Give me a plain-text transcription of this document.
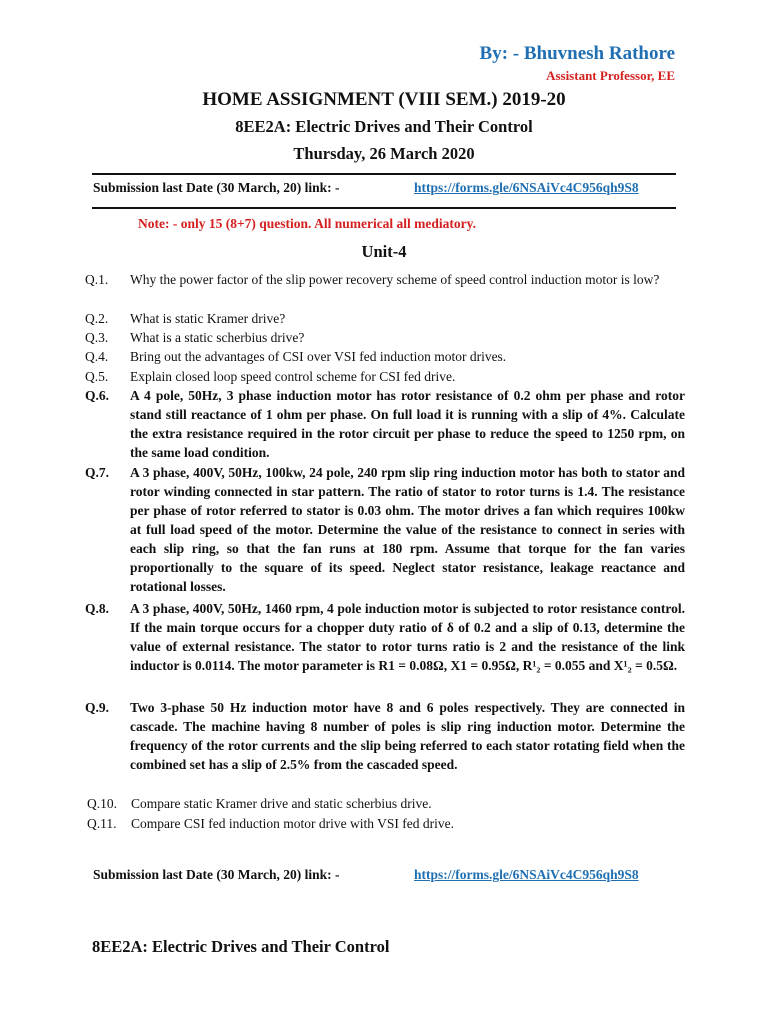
By: - Bhuvnesh Rathore
Assistant Professor, EE
HOME ASSIGNMENT (VIII SEM.) 2019-20
8EE2A: Electric Drives and Their Control
Thursday, 26 March 2020
Submission last Date (30 March, 20) link: -	https://forms.gle/6NSAiVc4C956qh9S8
Note: - only 15 (8+7) question. All numerical all mediatory.
Unit-4
Q.1.	Why the power factor of the slip power recovery scheme of speed control induction motor is low?
Q.2.	What is static Kramer drive?
Q.3.	What is a static scherbius drive?
Q.4.	Bring out the advantages of CSI over VSI fed induction motor drives.
Q.5.	Explain closed loop speed control scheme for CSI fed drive.
Q.6.	A 4 pole, 50Hz, 3 phase induction motor has rotor resistance of 0.2 ohm per phase and rotor stand still reactance of 1 ohm per phase. On full load it is running with a slip of 4%. Calculate the extra resistance required in the rotor circuit per phase to reduce the speed to 1250 rpm, on the same load condition.
Q.7.	A 3 phase, 400V, 50Hz, 100kw, 24 pole, 240 rpm slip ring induction motor has both to stator and rotor winding connected in star pattern. The ratio of stator to rotor turns is 1.4. The resistance per phase of rotor referred to stator is 0.03 ohm. The motor drives a fan which requires 100kw at full load speed of the motor. Determine the value of the resistance to connect in series with each slip ring, so that the fan runs at 180 rpm. Assume that torque for the fan varies proportionally to the square of its speed. Neglect stator resistance, leakage reactance and rotational losses.
Q.8.	A 3 phase, 400V, 50Hz, 1460 rpm, 4 pole induction motor is subjected to rotor resistance control. If the main torque occurs for a chopper duty ratio of δ of 0.2 and a slip of 0.13, determine the value of external resistance. The stator to rotor turns ratio is 2 and the resistance of the link inductor is 0.0114. The motor parameter is R1 = 0.08Ω, X1 = 0.95Ω, R¹₂ = 0.055 and X¹₂ = 0.5Ω.
Q.9.	Two 3-phase 50 Hz induction motor have 8 and 6 poles respectively. They are connected in cascade. The machine having 8 number of poles is slip ring induction motor. Determine the frequency of the rotor currents and the slip being referred to each stator rotating field when the combined set has a slip of 2.5% from the cascaded speed.
Q.10.	Compare static Kramer drive and static scherbius drive.
Q.11.	Compare CSI fed induction motor drive with VSI fed drive.
Submission last Date (30 March, 20) link: -	https://forms.gle/6NSAiVc4C956qh9S8
8EE2A: Electric Drives and Their Control
